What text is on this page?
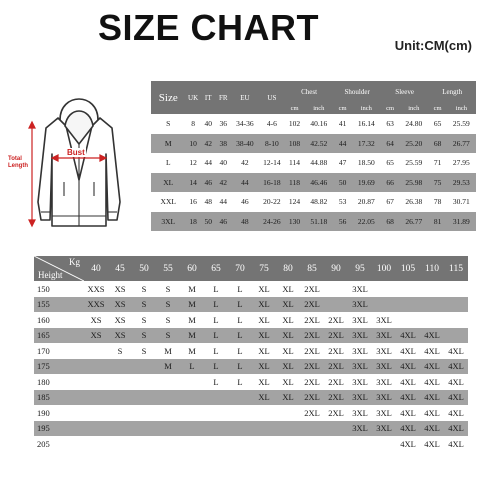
SIZE CHART	Unit:CM(cm)
Total Length
Bust
Size	UK	IT	FR	EU	US	Chest		Shoulder		Sleeve		Length	
						cm	inch	cm	inch	cm	inch	cm	inch
S	8	40	36	34-36	4-6	102	40.16	41	16.14	63	24.80	65	25.59
M	10	42	38	38-40	8-10	108	42.52	44	17.32	64	25.20	68	26.77
L	12	44	40	42	12-14	114	44.88	47	18.50	65	25.59	71	27.95
XL	14	46	42	44	16-18	118	46.46	50	19.69	66	25.98	75	29.53
XXL	16	48	44	46	20-22	124	48.82	53	20.87	67	26.38	78	30.71
3XL	18	50	46	48	24-26	130	51.18	56	22.05	68	26.77	81	31.89
Kg
Height	40	45	50	55	60	65	70	75	80	85	90	95	100	105	110	115
150	XXS	XS	S	S	M	L	L	XL	XL	2XL		3XL				
155	XXS	XS	S	S	M	L	L	XL	XL	2XL		3XL				
160	XS	XS	S	S	M	L	L	XL	XL	2XL	2XL	3XL	3XL			
165	XS	XS	S	S	M	L	L	XL	XL	2XL	2XL	3XL	3XL	4XL	4XL	
170		S	S	M	M	L	L	XL	XL	2XL	2XL	3XL	3XL	4XL	4XL	4XL
175				M	L	L	L	XL	XL	2XL	2XL	3XL	3XL	4XL	4XL	4XL
180						L	L	XL	XL	2XL	2XL	3XL	3XL	4XL	4XL	4XL
185								XL	XL	2XL	2XL	3XL	3XL	4XL	4XL	4XL
190										2XL	2XL	3XL	3XL	4XL	4XL	4XL
195												3XL	3XL	4XL	4XL	4XL
205														4XL	4XL	4XL
